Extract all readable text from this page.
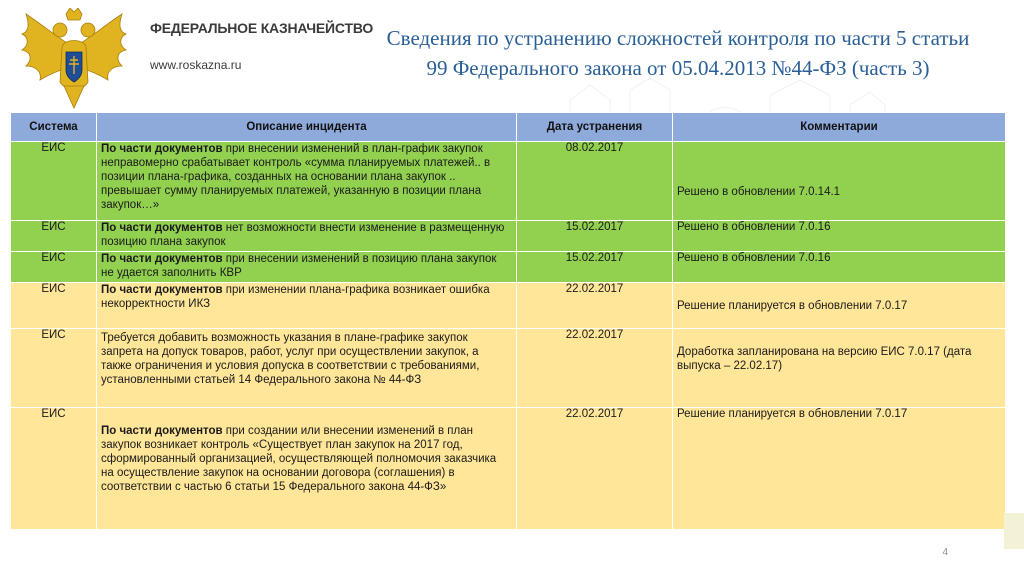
ФЕДЕРАЛЬНОЕ КАЗНАЧЕЙСТВО
www.roskazna.ru
Сведения по устранению сложностей контроля по части 5 статьи
99 Федерального закона от 05.04.2013 №44-ФЗ (часть 3)
Система	Описание инцидента	Дата устранения	Комментарии
ЕИС	По части документов при внесении изменений в план-график закупок неправомерно срабатывает контроль «сумма планируемых платежей.. в позиции плана-графика, созданных на основании плана закупок .. превышает сумму планируемых платежей, указанную в позиции плана закупок…»	08.02.2017	Решено в обновлении 7.0.14.1
ЕИС	По части документов нет возможности внести изменение в размещенную позицию плана закупок	15.02.2017	Решено в обновлении 7.0.16
ЕИС	По части документов при внесении изменений в позицию плана закупок не удается заполнить КВР	15.02.2017	Решено в обновлении 7.0.16
ЕИС	По части документов при изменении плана-графика возникает ошибка некорректности ИКЗ	22.02.2017	Решение планируется в обновлении 7.0.17
ЕИС	Требуется добавить возможность указания в плане-графике закупок запрета на допуск товаров, работ, услуг при осуществлении закупок, а также ограничения и условия допуска в соответствии с требованиями, установленными статьей 14 Федерального закона № 44-ФЗ	22.02.2017	Доработка запланирована на версию ЕИС 7.0.17 (дата выпуска – 22.02.17)
ЕИС	По части документов при создании или внесении изменений в план закупок возникает контроль «Существует план закупок на 2017 год, сформированный организацией, осуществляющей полномочия заказчика на осуществление закупок на основании договора (соглашения) в соответствии с частью 6 статьи 15 Федерального закона 44-ФЗ»	22.02.2017	Решение планируется в обновлении 7.0.17
4
